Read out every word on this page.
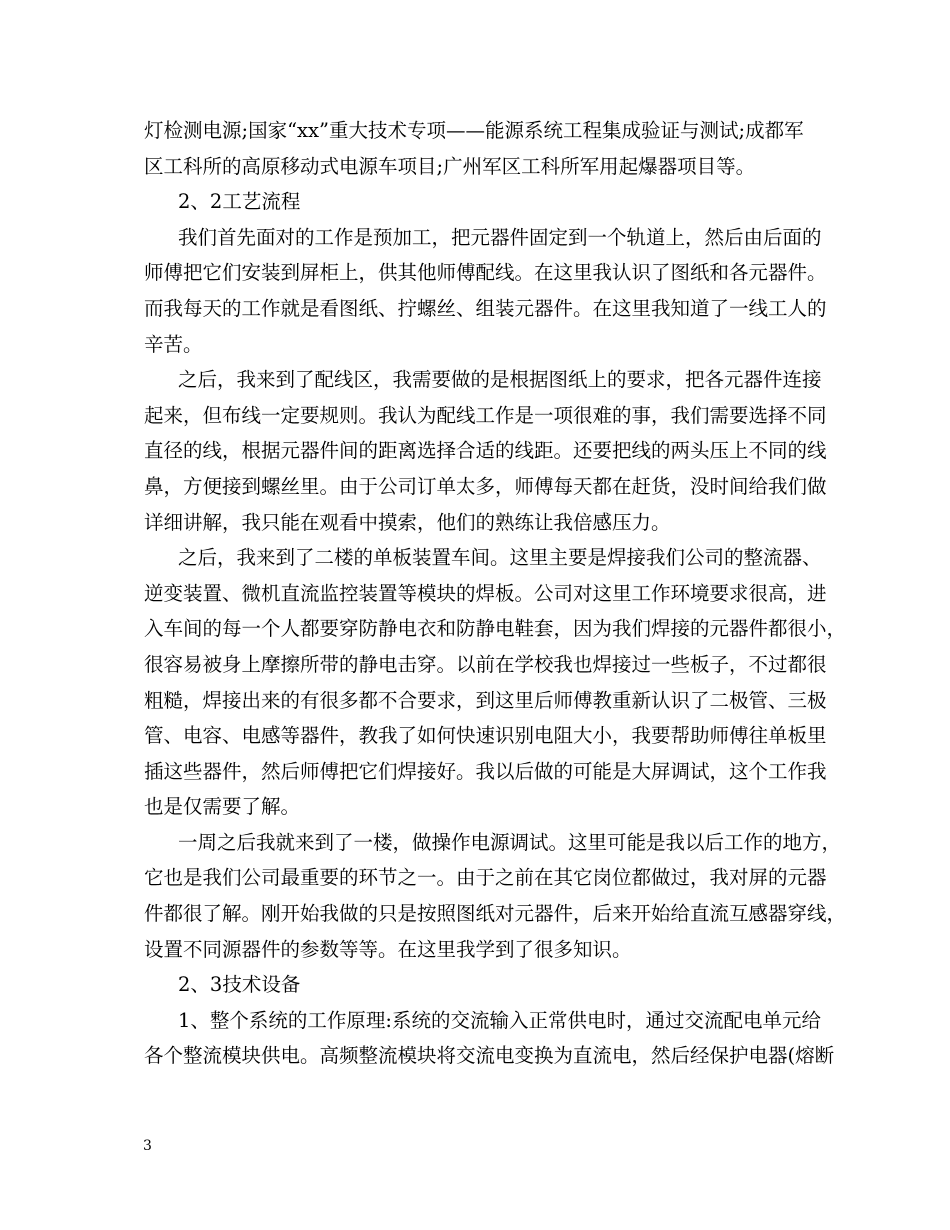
灯检测电源;国家“xx”重大技术专项——能源系统工程集成验证与测试;成都军
区工科所的高原移动式电源车项目;广州军区工科所军用起爆器项目等。
2、2工艺流程
我们首先面对的工作是预加工，把元器件固定到一个轨道上，然后由后面的
师傅把它们安装到屏柜上，供其他师傅配线。在这里我认识了图纸和各元器件。
而我每天的工作就是看图纸、拧螺丝、组装元器件。在这里我知道了一线工人的
辛苦。
之后，我来到了配线区，我需要做的是根据图纸上的要求，把各元器件连接
起来，但布线一定要规则。我认为配线工作是一项很难的事，我们需要选择不同
直径的线，根据元器件间的距离选择合适的线距。还要把线的两头压上不同的线
鼻，方便接到螺丝里。由于公司订单太多，师傅每天都在赶货，没时间给我们做
详细讲解，我只能在观看中摸索，他们的熟练让我倍感压力。
之后，我来到了二楼的单板装置车间。这里主要是焊接我们公司的整流器、
逆变装置、微机直流监控装置等模块的焊板。公司对这里工作环境要求很高，进
入车间的每一个人都要穿防静电衣和防静电鞋套，因为我们焊接的元器件都很小，
很容易被身上摩擦所带的静电击穿。以前在学校我也焊接过一些板子，不过都很
粗糙，焊接出来的有很多都不合要求，到这里后师傅教重新认识了二极管、三极
管、电容、电感等器件，教我了如何快速识别电阻大小，我要帮助师傅往单板里
插这些器件，然后师傅把它们焊接好。我以后做的可能是大屏调试，这个工作我
也是仅需要了解。
一周之后我就来到了一楼，做操作电源调试。这里可能是我以后工作的地方，
它也是我们公司最重要的环节之一。由于之前在其它岗位都做过，我对屏的元器
件都很了解。刚开始我做的只是按照图纸对元器件，后来开始给直流互感器穿线，
设置不同源器件的参数等等。在这里我学到了很多知识。
2、3技术设备
1、整个系统的工作原理:系统的交流输入正常供电时，通过交流配电单元给
各个整流模块供电。高频整流模块将交流电变换为直流电，然后经保护电器(熔断
3
